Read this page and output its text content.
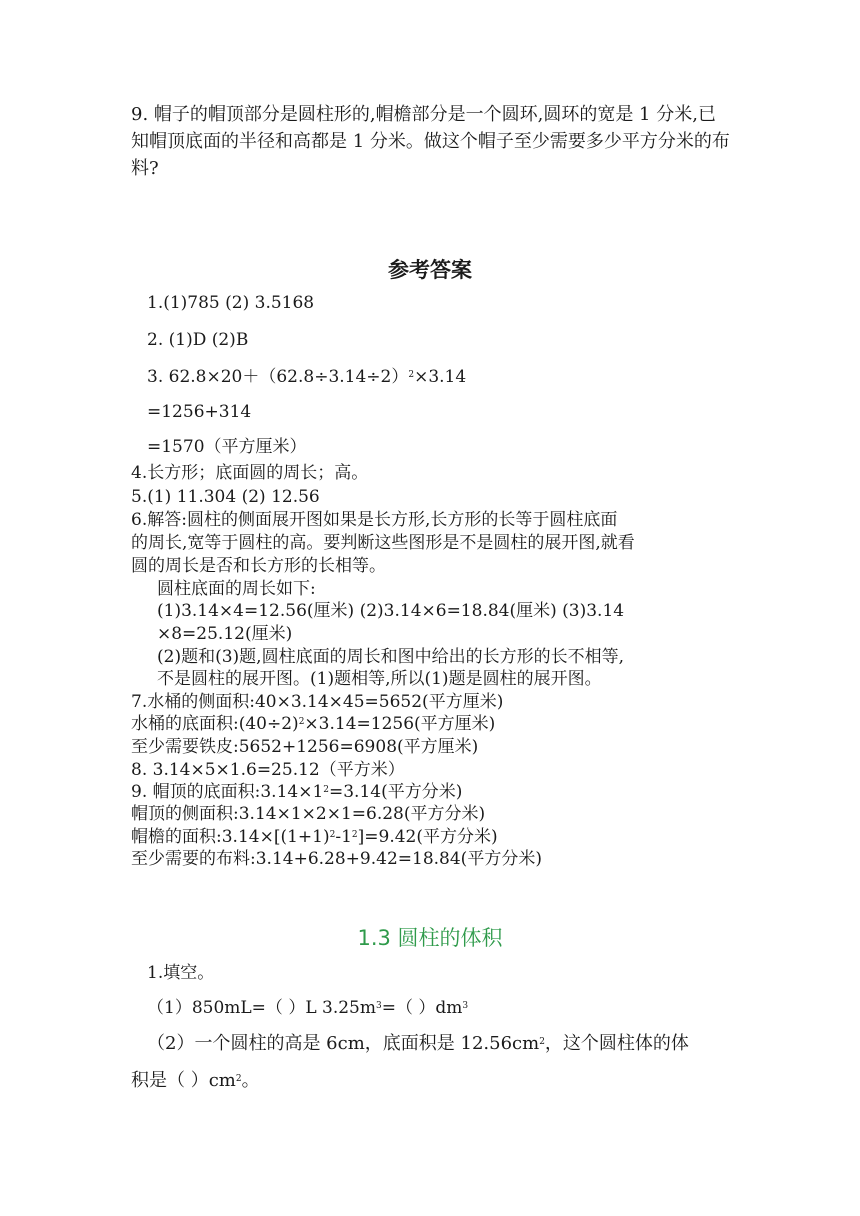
9. 帽子的帽顶部分是圆柱形的,帽檐部分是一个圆环,圆环的宽是 1 分米,已知帽顶底面的半径和高都是 1 分米。做这个帽子至少需要多少平方分米的布料?
参考答案
1.(1)785 (2) 3.5168
2. (1)D (2)B
3. $62.8\times 20+(62.8\div 3.14\div 2)^2\times 3.14$
=1256+314
=1570（平方厘米）
4.长方形；底面圆的周长；高。
5.(1) 11.304 (2) 12.56
6.解答:圆柱的侧面展开图如果是长方形,长方形的长等于圆柱底面
的周长,宽等于圆柱的高。要判断这些图形是不是圆柱的展开图,就看
圆的周长是否和长方形的长相等。
圆柱底面的周长如下:
(1)3.14×4=12.56(厘米) (2)3.14×6=18.84(厘米) (3)3.14
×8=25.12(厘米)
(2)题和(3)题,圆柱底面的周长和图中给出的长方形的长不相等,
不是圆柱的展开图。(1)题相等,所以(1)题是圆柱的展开图。
7.水桶的侧面积:40×3.14×45=5652(平方厘米)
水桶的底面积$:(40\div 2)^2\times 3.14=1256$(平方厘米)
至少需要铁皮:5652+1256=6908(平方厘米)
8. 3.14×5×1.6=25.12（平方米）
9. 帽顶的底面积$:3.14\times 1^2=3.14$(平方分米)
帽顶的侧面积:3.14×1×2×1=6.28(平方分米)
帽檐的面积$:3.14\times[(1+1)^2-1^2]=9.42$(平方分米)
至少需要的布料:3.14+6.28+9.42=18.84(平方分米)
1.3 圆柱的体积
1.填空。
（1）850mL=（ ）L $3.25m^3=$（ ）$dm^3$
（2）一个圆柱的高是 6cm，底面积是 $12.56cm^2$，这个圆柱体的体
积是（ ）$cm^2$。
